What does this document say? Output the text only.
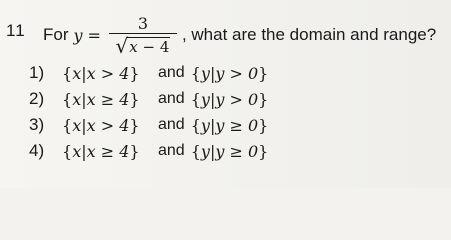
11 For $y = \frac{3}{√ x - 4}$ , what are the domain and range?
1)	{x|x > 4}	and {y|y > 0}
2)	{x|x ≥ 4}	and {y|y > 0}
3)	{x|x > 4}	and {y|y ≥ 0}
4)	{x|x ≥ 4}	and {y|y ≥ 0}
